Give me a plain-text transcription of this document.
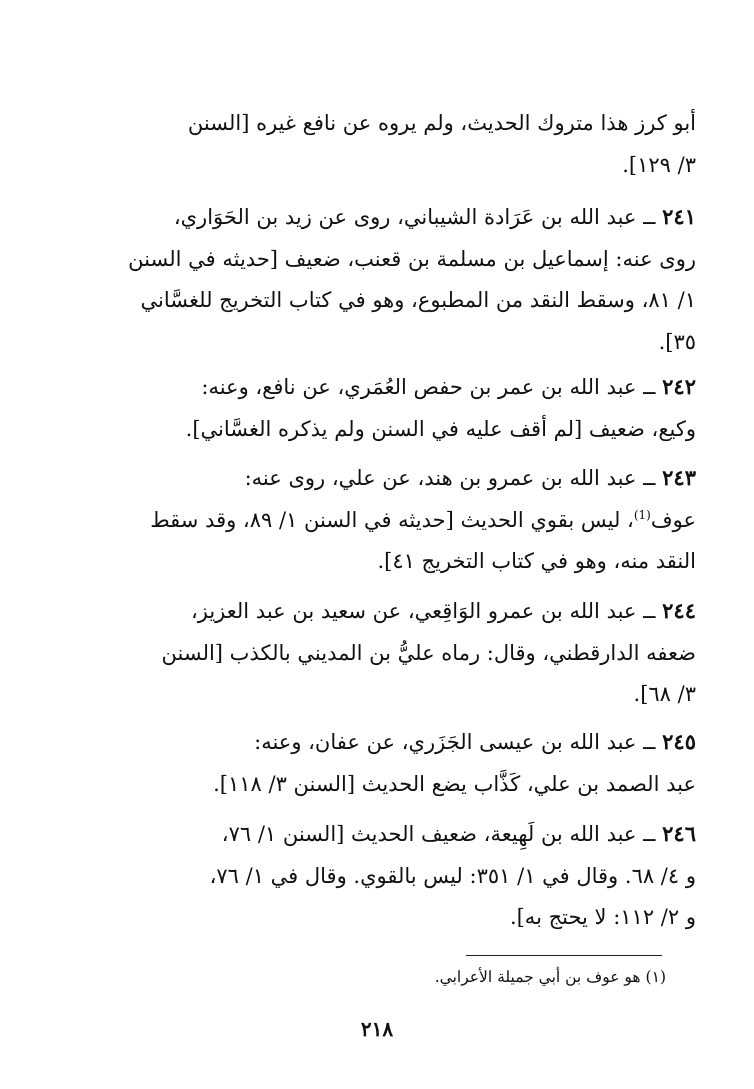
أبو كرز هذا متروك الحديث، ولم يروه عن نافع غيره [السنن
٣/ ١٢٩].

٢٤١ ــ عبد الله بن عَرَادة الشيباني، روى عن زيد بن الحَوَاري،
روى عنه: إسماعيل بن مسلمة بن قعنب، ضعيف [حديثه في السنن
١/ ٨١، وسقط النقد من المطبوع، وهو في كتاب التخريج للغسَّاني
٣٥].

٢٤٢ ــ عبد الله بن عمر بن حفص العُمَري، عن نافع، وعنه:
وكيع، ضعيف [لم أقف عليه في السنن ولم يذكره الغسَّاني].

٢٤٣ ــ عبد الله بن عمرو بن هند، عن علي، روى عنه:
عوف$^{(1)}$، ليس بقوي الحديث [حديثه في السنن ١/ ٨٩، وقد سقط
النقد منه، وهو في كتاب التخريج ٤١].

٢٤٤ ــ عبد الله بن عمرو الوَاقِعي، عن سعيد بن عبد العزيز،
ضعفه الدارقطني، وقال: رماه عليُّ بن المديني بالكذب [السنن
٣/ ٦٨].

٢٤٥ ــ عبد الله بن عيسى الجَزَري، عن عفان، وعنه:
عبد الصمد بن علي، كَذَّاب يضع الحديث [السنن ٣/ ١١٨].

٢٤٦ ــ عبد الله بن لَهِيعة، ضعيف الحديث [السنن ١/ ٧٦،
و ٤/ ٦٨. وقال في ١/ ٣٥١: ليس بالقوي. وقال في ١/ ٧٦،
و ٢/ ١١٢: لا يحتج به].

(١) هو عوف بن أبي جميلة الأعرابي.
٢١٨
